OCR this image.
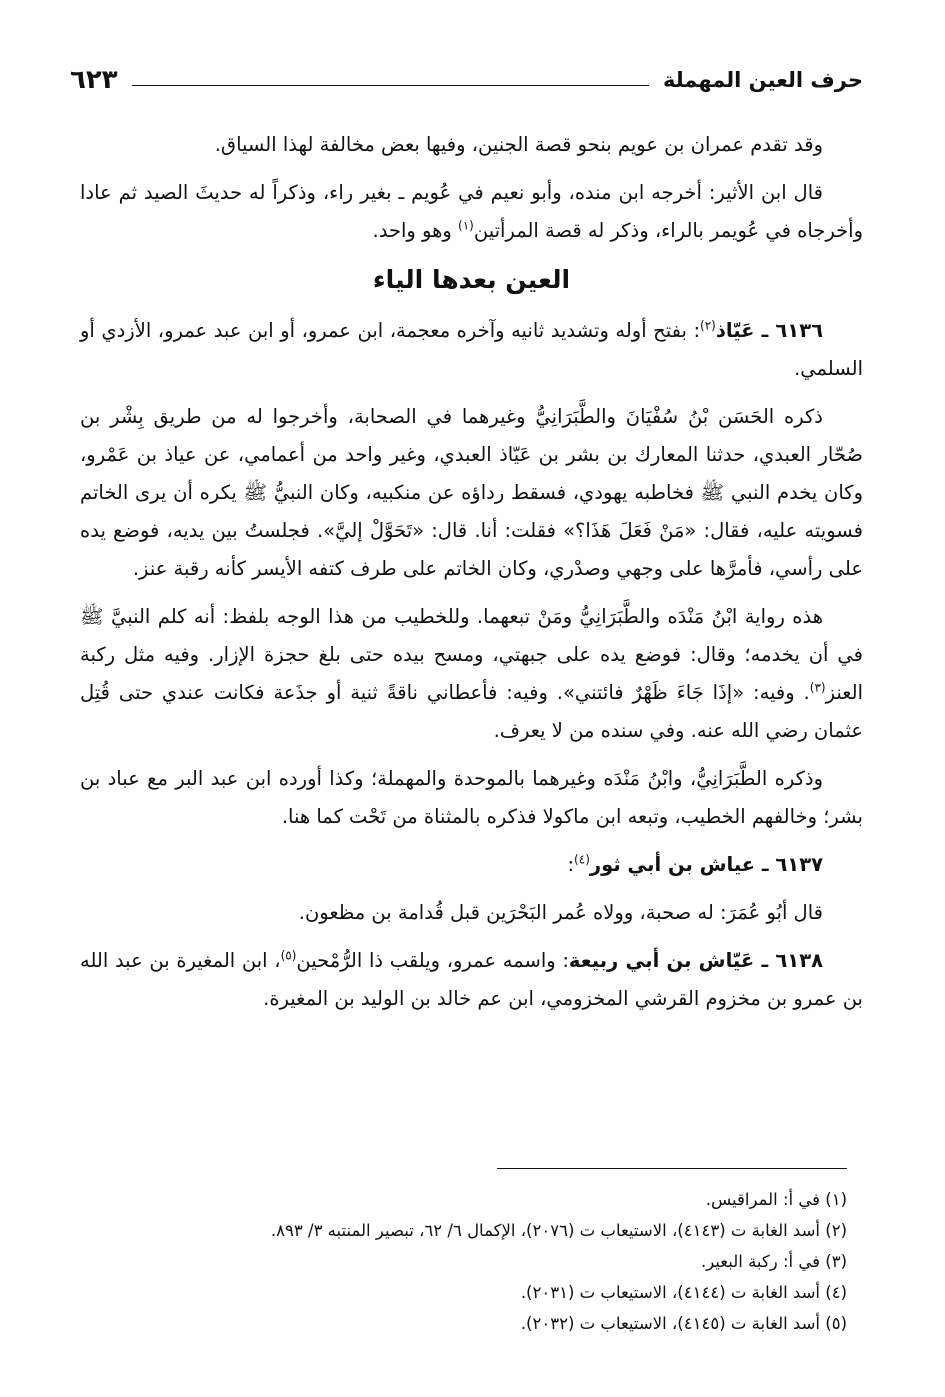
حرف العين المهملة
٦٢٣

وقد تقدم عمران بن عويم بنحو قصة الجنين، وفيها بعض مخالفة لهذا السياق.

قال ابن الأثير: أخرجه ابن منده، وأبو نعيم في عُويم ـ بغير راء، وذكراً له حديثَ الصيد ثم عادا وأخرجاه في عُويمر بالراء، وذكر له قصة المرأتين$^{(١)}$ وهو واحد.

العين بعدها الياء

٦١٣٦ ـ عَيّاذ$^{(٢)}$: بفتح أوله وتشديد ثانيه وآخره معجمة، ابن عمرو، أو ابن عبد عمرو، الأزدي أو السلمي.

ذكره الحَسَن بْنُ سُفْيَانَ والطَّبَرَانِيُّ وغيرهما في الصحابة، وأخرجوا له من طريق بِشْر بن صُحّار العبدي، حدثنا المعارك بن بشر بن عَيّاذ العبدي، وغير واحد من أعمامي، عن عياذ بن عَمْرو، وكان يخدم النبي ﷺ فخاطبه يهودي، فسقط رداؤه عن منكبيه، وكان النبيُّ ﷺ يكره أن يرى الخاتم فسويته عليه، فقال: «مَنْ فَعَلَ هَذَا؟» فقلت: أنا. قال: «تَحَوَّلْ إليَّ». فجلستُ بين يديه، فوضع يده على رأسي، فأمرَّها على وجهي وصدْري، وكان الخاتم على طرف كتفه الأيسر كأنه رقبة عنز.

هذه رواية ابْنُ مَنْدَه والطَّبَرَانِيُّ ومَنْ تبعهما. وللخطيب من هذا الوجه بلفظ: أنه كلم النبيَّ ﷺ في أن يخدمه؛ وقال: فوضع يده على جبهتي، ومسح بيده حتى بلغ حجزة الإزار. وفيه مثل ركبة العنز$^{(٣)}$. وفيه: «إذَا جَاءَ ظَهْرٌ فائتني». وفيه: فأعطاني ناقةً ثنية أو جذَعة فكانت عندي حتى قُتِل عثمان رضي الله عنه. وفي سنده من لا يعرف.

وذكره الطَّبَرَانِيُّ، وابْنُ مَنْدَه وغيرهما بالموحدة والمهملة؛ وكذا أورده ابن عبد البر مع عباد بن بشر؛ وخالفهم الخطيب، وتبعه ابن ماكولا فذكره بالمثناة من تَحْت كما هنا.

٦١٣٧ ـ عياش بن أبي ثور$^{(٤)}$:

قال أبُو عُمَرَ: له صحبة، وولاه عُمر البَحْرَين قبل قُدامة بن مظعون.

٦١٣٨ ـ عَيّاش بن أبي ربيعة: واسمه عمرو، ويلقب ذا الرُّمْحين$^{(٥)}$، ابن المغيرة بن عبد الله بن عمرو بن مخزوم القرشي المخزومي، ابن عم خالد بن الوليد بن المغيرة.

(١) في أ: المراقيس.

(٢) أسد الغابة ت (٤١٤٣)، الاستيعاب ت (٢٠٧٦)، الإكمال ٦/ ٦٢، تبصير المنتبه ٣/ ٨٩٣.

(٣) في أ: ركبة البعير.

(٤) أسد الغابة ت (٤١٤٤)، الاستيعاب ت (٢٠٣١).

(٥) أسد الغابة ت (٤١٤٥)، الاستيعاب ت (٢٠٣٢).
